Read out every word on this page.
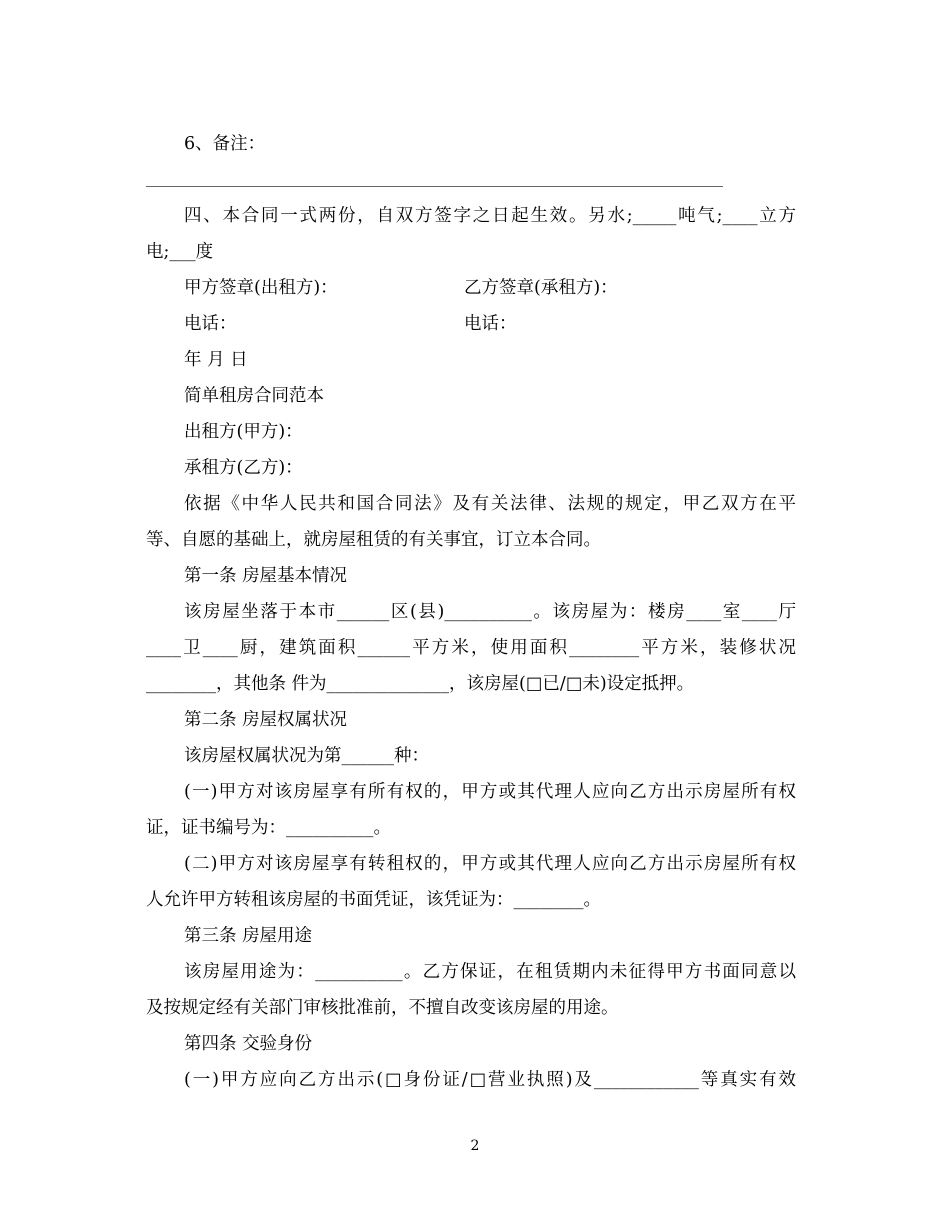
6、备注：

四、本合同一式两份，自双方签字之日起生效。另水;_____吨气;____立方

电;___度

甲方签章(出租方)：	乙方签章(承租方)：
电话：	电话：

年 月 日

简单租房合同范本

出租方(甲方)：

承租方(乙方)：

依据《中华人民共和国合同法》及有关法律、法规的规定，甲乙双方在平

等、自愿的基础上，就房屋租赁的有关事宜，订立本合同。

第一条 房屋基本情况

该房屋坐落于本市______区(县)__________。该房屋为：楼房____室____厅

____卫____厨，建筑面积______平方米，使用面积________平方米，装修状况

________，其他条 件为______________，该房屋(□已/□未)设定抵押。

第二条 房屋权属状况

该房屋权属状况为第______种：

(一)甲方对该房屋享有所有权的，甲方或其代理人应向乙方出示房屋所有权

证，证书编号为：__________。

(二)甲方对该房屋享有转租权的，甲方或其代理人应向乙方出示房屋所有权

人允许甲方转租该房屋的书面凭证，该凭证为：________。

第三条 房屋用途

该房屋用途为：__________。乙方保证，在租赁期内未征得甲方书面同意以

及按规定经有关部门审核批准前，不擅自改变该房屋的用途。

第四条 交验身份

(一)甲方应向乙方出示(□身份证/□营业执照)及____________等真实有效

2
